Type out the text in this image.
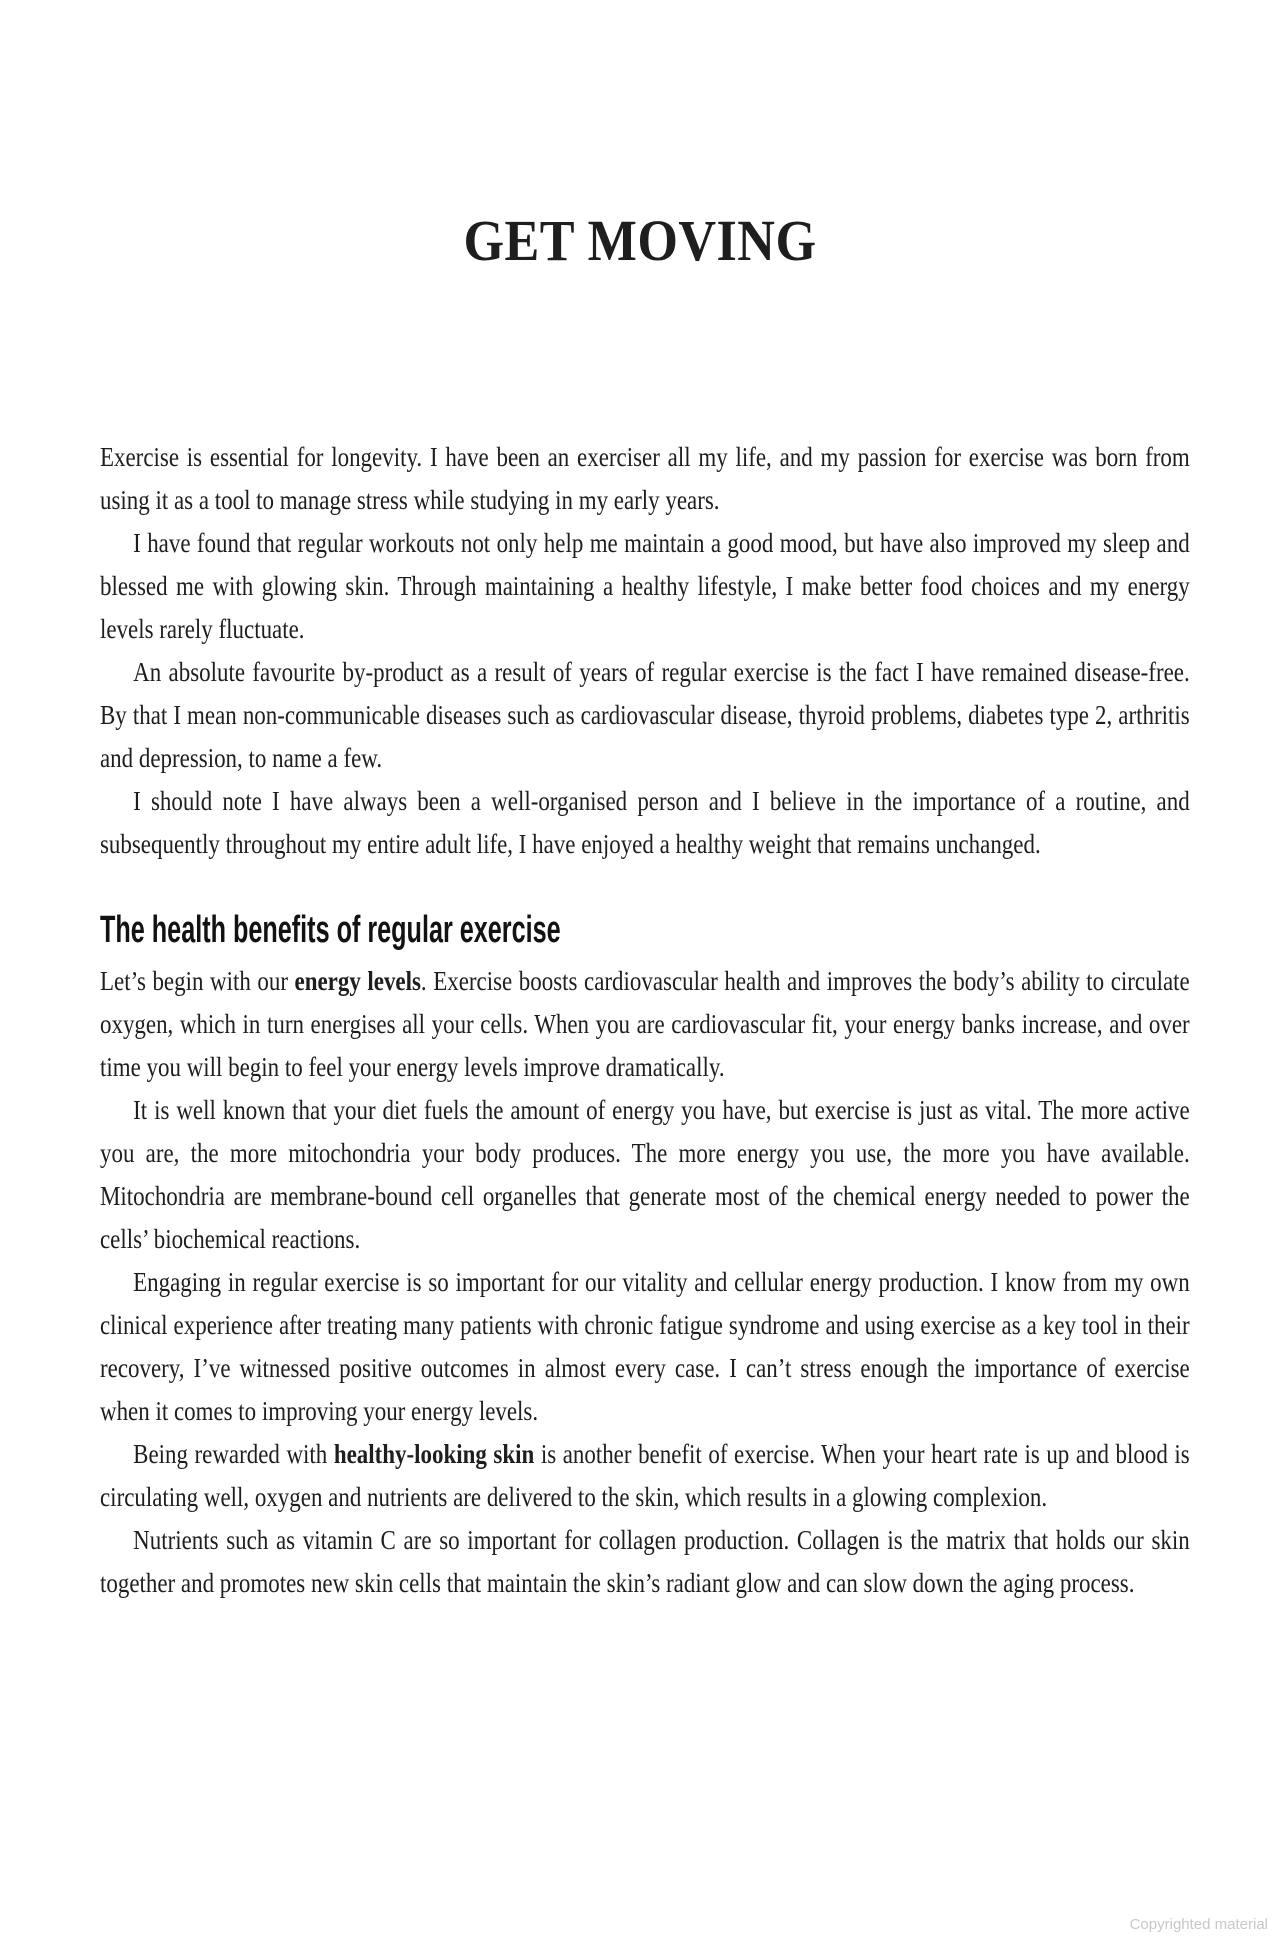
GET MOVING

Exercise is essential for longevity. I have been an exerciser all my life, and my passion for exercise was born from using it as a tool to manage stress while studying in my early years.

I have found that regular workouts not only help me maintain a good mood, but have also improved my sleep and blessed me with glowing skin. Through maintaining a healthy lifestyle, I make better food choices and my energy levels rarely fluctuate.

An absolute favourite by-product as a result of years of regular exercise is the fact I have remained disease-free. By that I mean non-communicable diseases such as cardiovascular disease, thyroid problems, diabetes type 2, arthritis and depression, to name a few.

I should note I have always been a well-organised person and I believe in the importance of a routine, and subsequently throughout my entire adult life, I have enjoyed a healthy weight that remains unchanged.

The health benefits of regular exercise

Let’s begin with our energy levels. Exercise boosts cardiovascular health and improves the body’s ability to circulate oxygen, which in turn energises all your cells. When you are cardiovascular fit, your energy banks increase, and over time you will begin to feel your energy levels improve dramatically.

It is well known that your diet fuels the amount of energy you have, but exercise is just as vital. The more active you are, the more mitochondria your body produces. The more energy you use, the more you have available. Mitochondria are membrane-bound cell organelles that generate most of the chemical energy needed to power the cells’ biochemical reactions.

Engaging in regular exercise is so important for our vitality and cellular energy production. I know from my own clinical experience after treating many patients with chronic fatigue syndrome and using exercise as a key tool in their recovery, I’ve witnessed positive outcomes in almost every case. I can’t stress enough the importance of exercise when it comes to improving your energy levels.

Being rewarded with healthy-looking skin is another benefit of exercise. When your heart rate is up and blood is circulating well, oxygen and nutrients are delivered to the skin, which results in a glowing complexion.

Nutrients such as vitamin C are so important for collagen production. Collagen is the matrix that holds our skin together and promotes new skin cells that maintain the skin’s radiant glow and can slow down the aging process.

Copyrighted material
